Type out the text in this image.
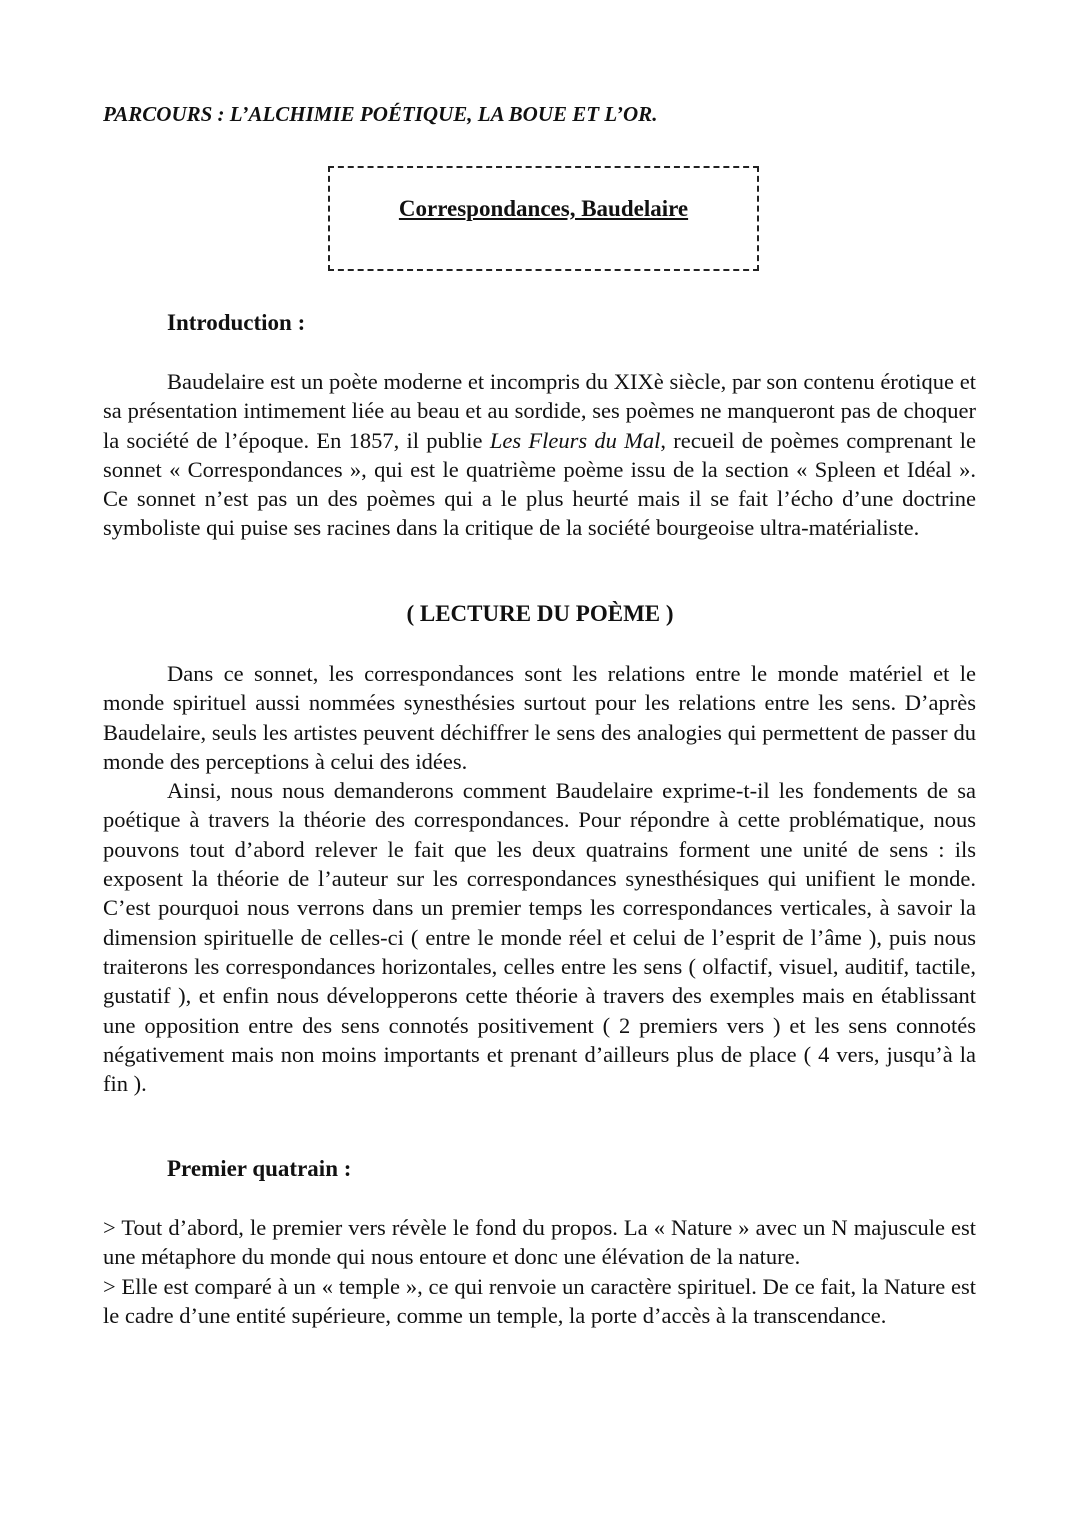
PARCOURS : L’ALCHIMIE POÉTIQUE, LA BOUE ET L’OR.
Correspondances, Baudelaire
Introduction :

Baudelaire est un poète moderne et incompris du XIXè siècle, par son contenu érotique et sa présentation intimement liée au beau et au sordide, ses poèmes ne manqueront pas de choquer la société de l’époque. En 1857, il publie Les Fleurs du Mal, recueil de poèmes comprenant le sonnet « Correspondances », qui est le quatrième poème issu de la section « Spleen et Idéal ». Ce sonnet n’est pas un des poèmes qui a le plus heurté mais il se fait l’écho d’une doctrine symboliste qui puise ses racines dans la critique de la société bourgeoise ultra-matérialiste.

( LECTURE DU POÈME )

Dans ce sonnet, les correspondances sont les relations entre le monde matériel et le monde spirituel aussi nommées synesthésies surtout pour les relations entre les sens. D’après Baudelaire, seuls les artistes peuvent déchiffrer le sens des analogies qui permettent de passer du monde des perceptions à celui des idées.

Ainsi, nous nous demanderons comment Baudelaire exprime-t-il les fondements de sa poétique à travers la théorie des correspondances. Pour répondre à cette problématique, nous pouvons tout d’abord relever le fait que les deux quatrains forment une unité de sens : ils exposent la théorie de l’auteur sur les correspondances synesthésiques qui unifient le monde. C’est pourquoi nous verrons dans un premier temps les correspondances verticales, à savoir la dimension spirituelle de celles-ci ( entre le monde réel et celui de l’esprit de l’âme ), puis nous traiterons les correspondances horizontales, celles entre les sens ( olfactif, visuel, auditif, tactile, gustatif ), et enfin nous développerons cette théorie à travers des exemples mais en établissant une opposition entre des sens connotés positivement ( 2 premiers vers ) et les sens connotés négativement mais non moins importants et prenant d’ailleurs plus de place ( 4 vers, jusqu’à la fin ).

Premier quatrain :

> Tout d’abord, le premier vers révèle le fond du propos. La « Nature » avec un N majuscule est une métaphore du monde qui nous entoure et donc une élévation de la nature.

> Elle est comparé à un « temple », ce qui renvoie un caractère spirituel. De ce fait, la Nature est le cadre d’une entité supérieure, comme un temple, la porte d’accès à la transcendance.
